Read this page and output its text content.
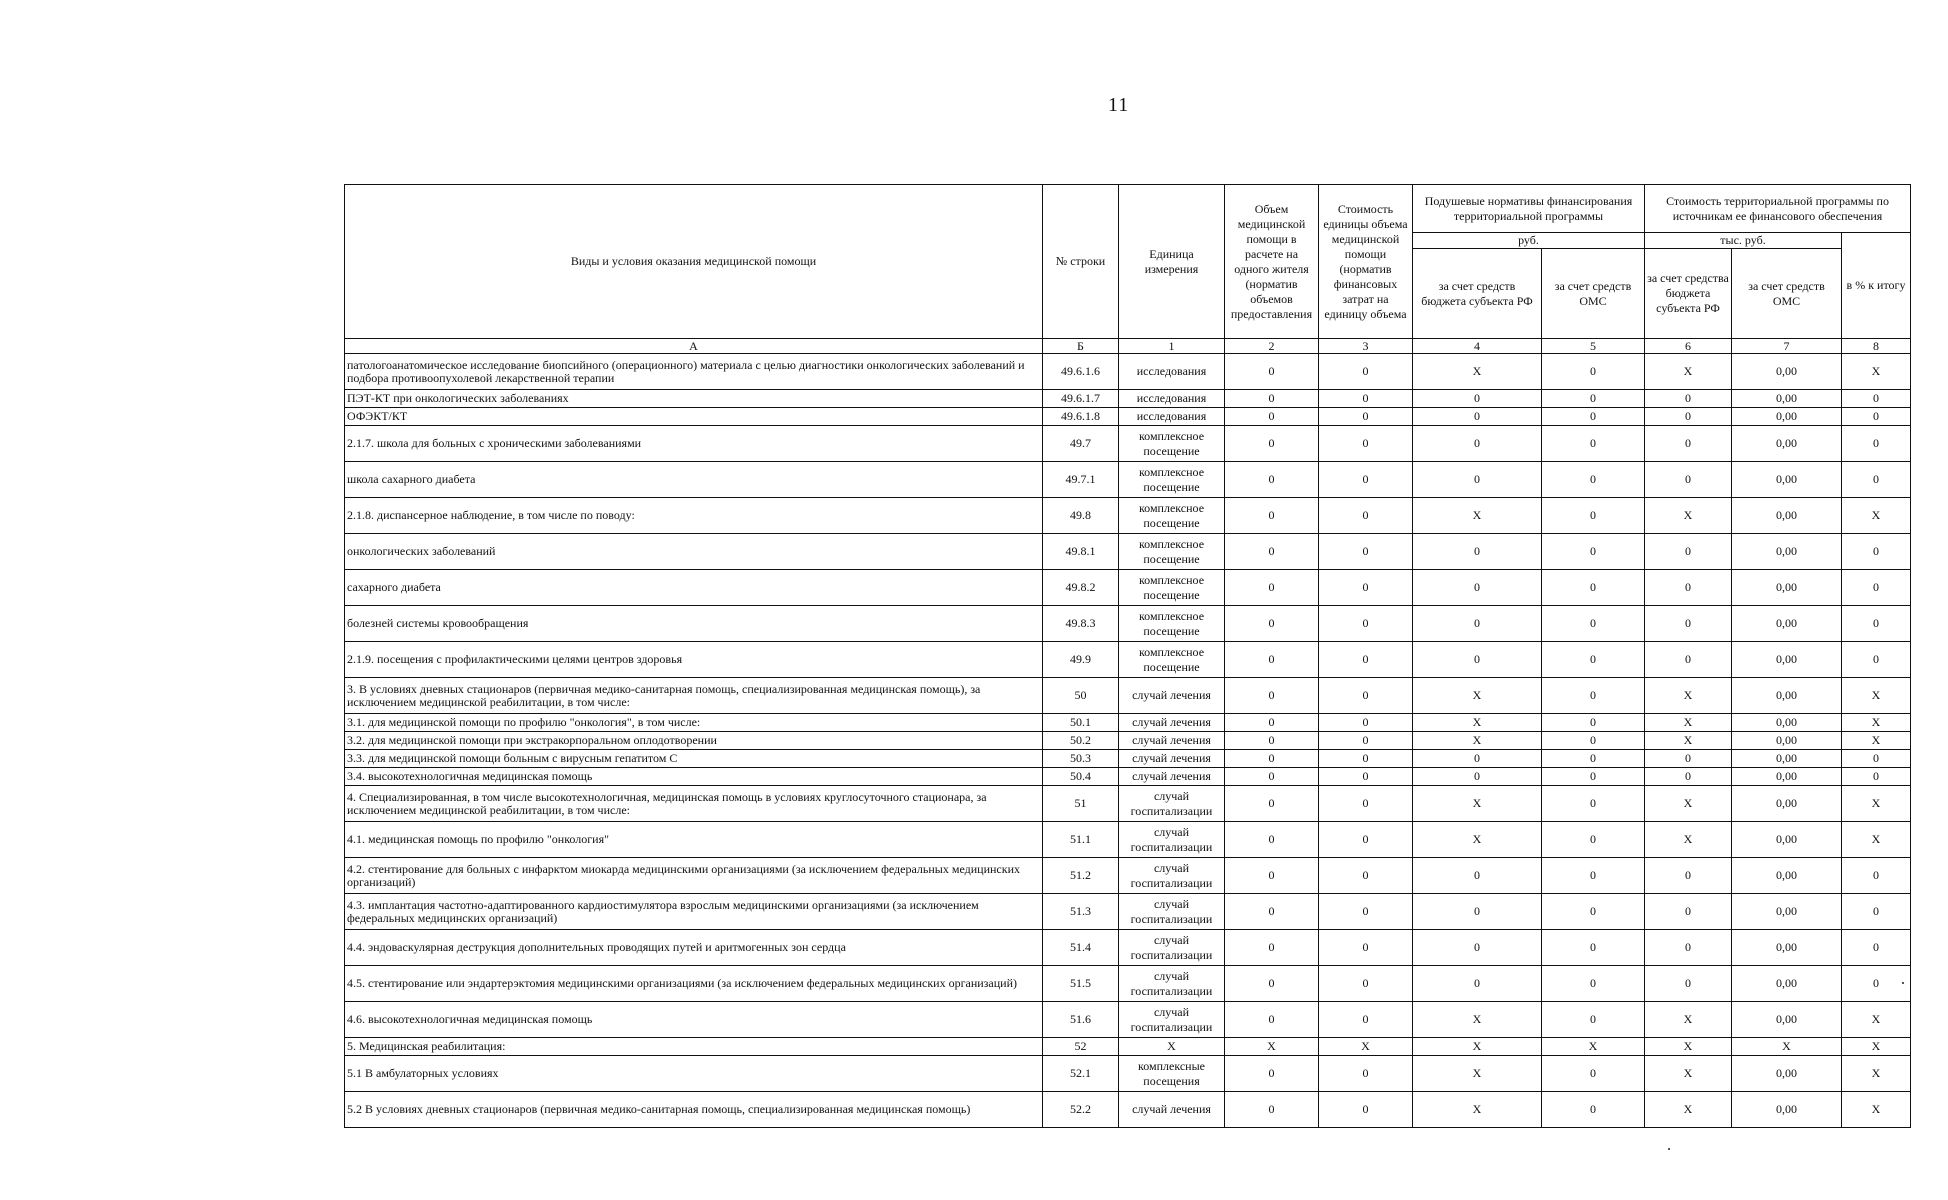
11
Виды и условия оказания медицинской помощи	№ строки	Единица измерения	Объем медицинской помощи в расчете на одного жителя (норматив объемов предоставления	Стоимость единицы объема медицинской помощи (норматив финансовых затрат на единицу объема	Подушевые нормативы финансирования территориальной программы		Стоимость территориальной программы по источникам ее финансового обеспечения		
					руб.		тыс. руб.		в % к итогу
					за счет средств бюджета субъекта РФ	за счет средств ОМС	за счет средства бюджета субъекта РФ	за счет средств ОМС	
А	Б	1	2	3	4	5	6	7	8
патологоанатомическое исследование биопсийного (операционного) материала с целью диагностики онкологических заболеваний и подбора противоопухолевой лекарственной терапии	49.6.1.6	исследования	0	0	X	0	X	0,00	X
ПЭТ-КТ при онкологических заболеваниях	49.6.1.7	исследования	0	0	0	0	0	0,00	0
ОФЭКТ/КТ	49.6.1.8	исследования	0	0	0	0	0	0,00	0
2.1.7. школа для больных с хроническими заболеваниями	49.7	комплексное посещение	0	0	0	0	0	0,00	0
школа сахарного диабета	49.7.1	комплексное посещение	0	0	0	0	0	0,00	0
2.1.8. диспансерное наблюдение, в том числе по поводу:	49.8	комплексное посещение	0	0	X	0	X	0,00	X
онкологических заболеваний	49.8.1	комплексное посещение	0	0	0	0	0	0,00	0
сахарного диабета	49.8.2	комплексное посещение	0	0	0	0	0	0,00	0
болезней системы кровообращения	49.8.3	комплексное посещение	0	0	0	0	0	0,00	0
2.1.9. посещения с профилактическими целями центров здоровья	49.9	комплексное посещение	0	0	0	0	0	0,00	0
3. В условиях дневных стационаров (первичная медико-санитарная помощь, специализированная медицинская помощь), за исключением медицинской реабилитации, в том числе:	50	случай лечения	0	0	X	0	X	0,00	X
3.1. для медицинской помощи по профилю "онкология", в том числе:	50.1	случай лечения	0	0	X	0	X	0,00	X
3.2. для медицинской помощи при экстракорпоральном оплодотворении	50.2	случай лечения	0	0	X	0	X	0,00	X
3.3. для медицинской помощи больным с вирусным гепатитом С	50.3	случай лечения	0	0	0	0	0	0,00	0
3.4. высокотехнологичная медицинская помощь	50.4	случай лечения	0	0	0	0	0	0,00	0
4. Специализированная, в том числе высокотехнологичная, медицинская помощь в условиях круглосуточного стационара, за исключением медицинской реабилитации, в том числе:	51	случай госпитализации	0	0	X	0	X	0,00	X
4.1. медицинская помощь по профилю "онкология"	51.1	случай госпитализации	0	0	X	0	X	0,00	X
4.2. стентирование для больных с инфарктом миокарда медицинскими организациями (за исключением федеральных медицинских организаций)	51.2	случай госпитализации	0	0	0	0	0	0,00	0
4.3. имплантация частотно-адаптированного кардиостимулятора взрослым медицинскими организациями (за исключением федеральных медицинских организаций)	51.3	случай госпитализации	0	0	0	0	0	0,00	0
4.4. эндоваскулярная деструкция дополнительных проводящих путей и аритмогенных зон сердца	51.4	случай госпитализации	0	0	0	0	0	0,00	0
4.5. стентирование или эндартерэктомия медицинскими организациями (за исключением федеральных медицинских организаций)	51.5	случай госпитализации	0	0	0	0	0	0,00	0
4.6. высокотехнологичная медицинская помощь	51.6	случай госпитализации	0	0	X	0	X	0,00	X
5. Медицинская реабилитация:	52	X	X	X	X	X	X	X	X
5.1 В амбулаторных условиях	52.1	комплексные посещения	0	0	X	0	X	0,00	X
5.2 В условиях дневных стационаров (первичная медико-санитарная помощь, специализированная медицинская помощь)	52.2	случай лечения	0	0	X	0	X	0,00	X
